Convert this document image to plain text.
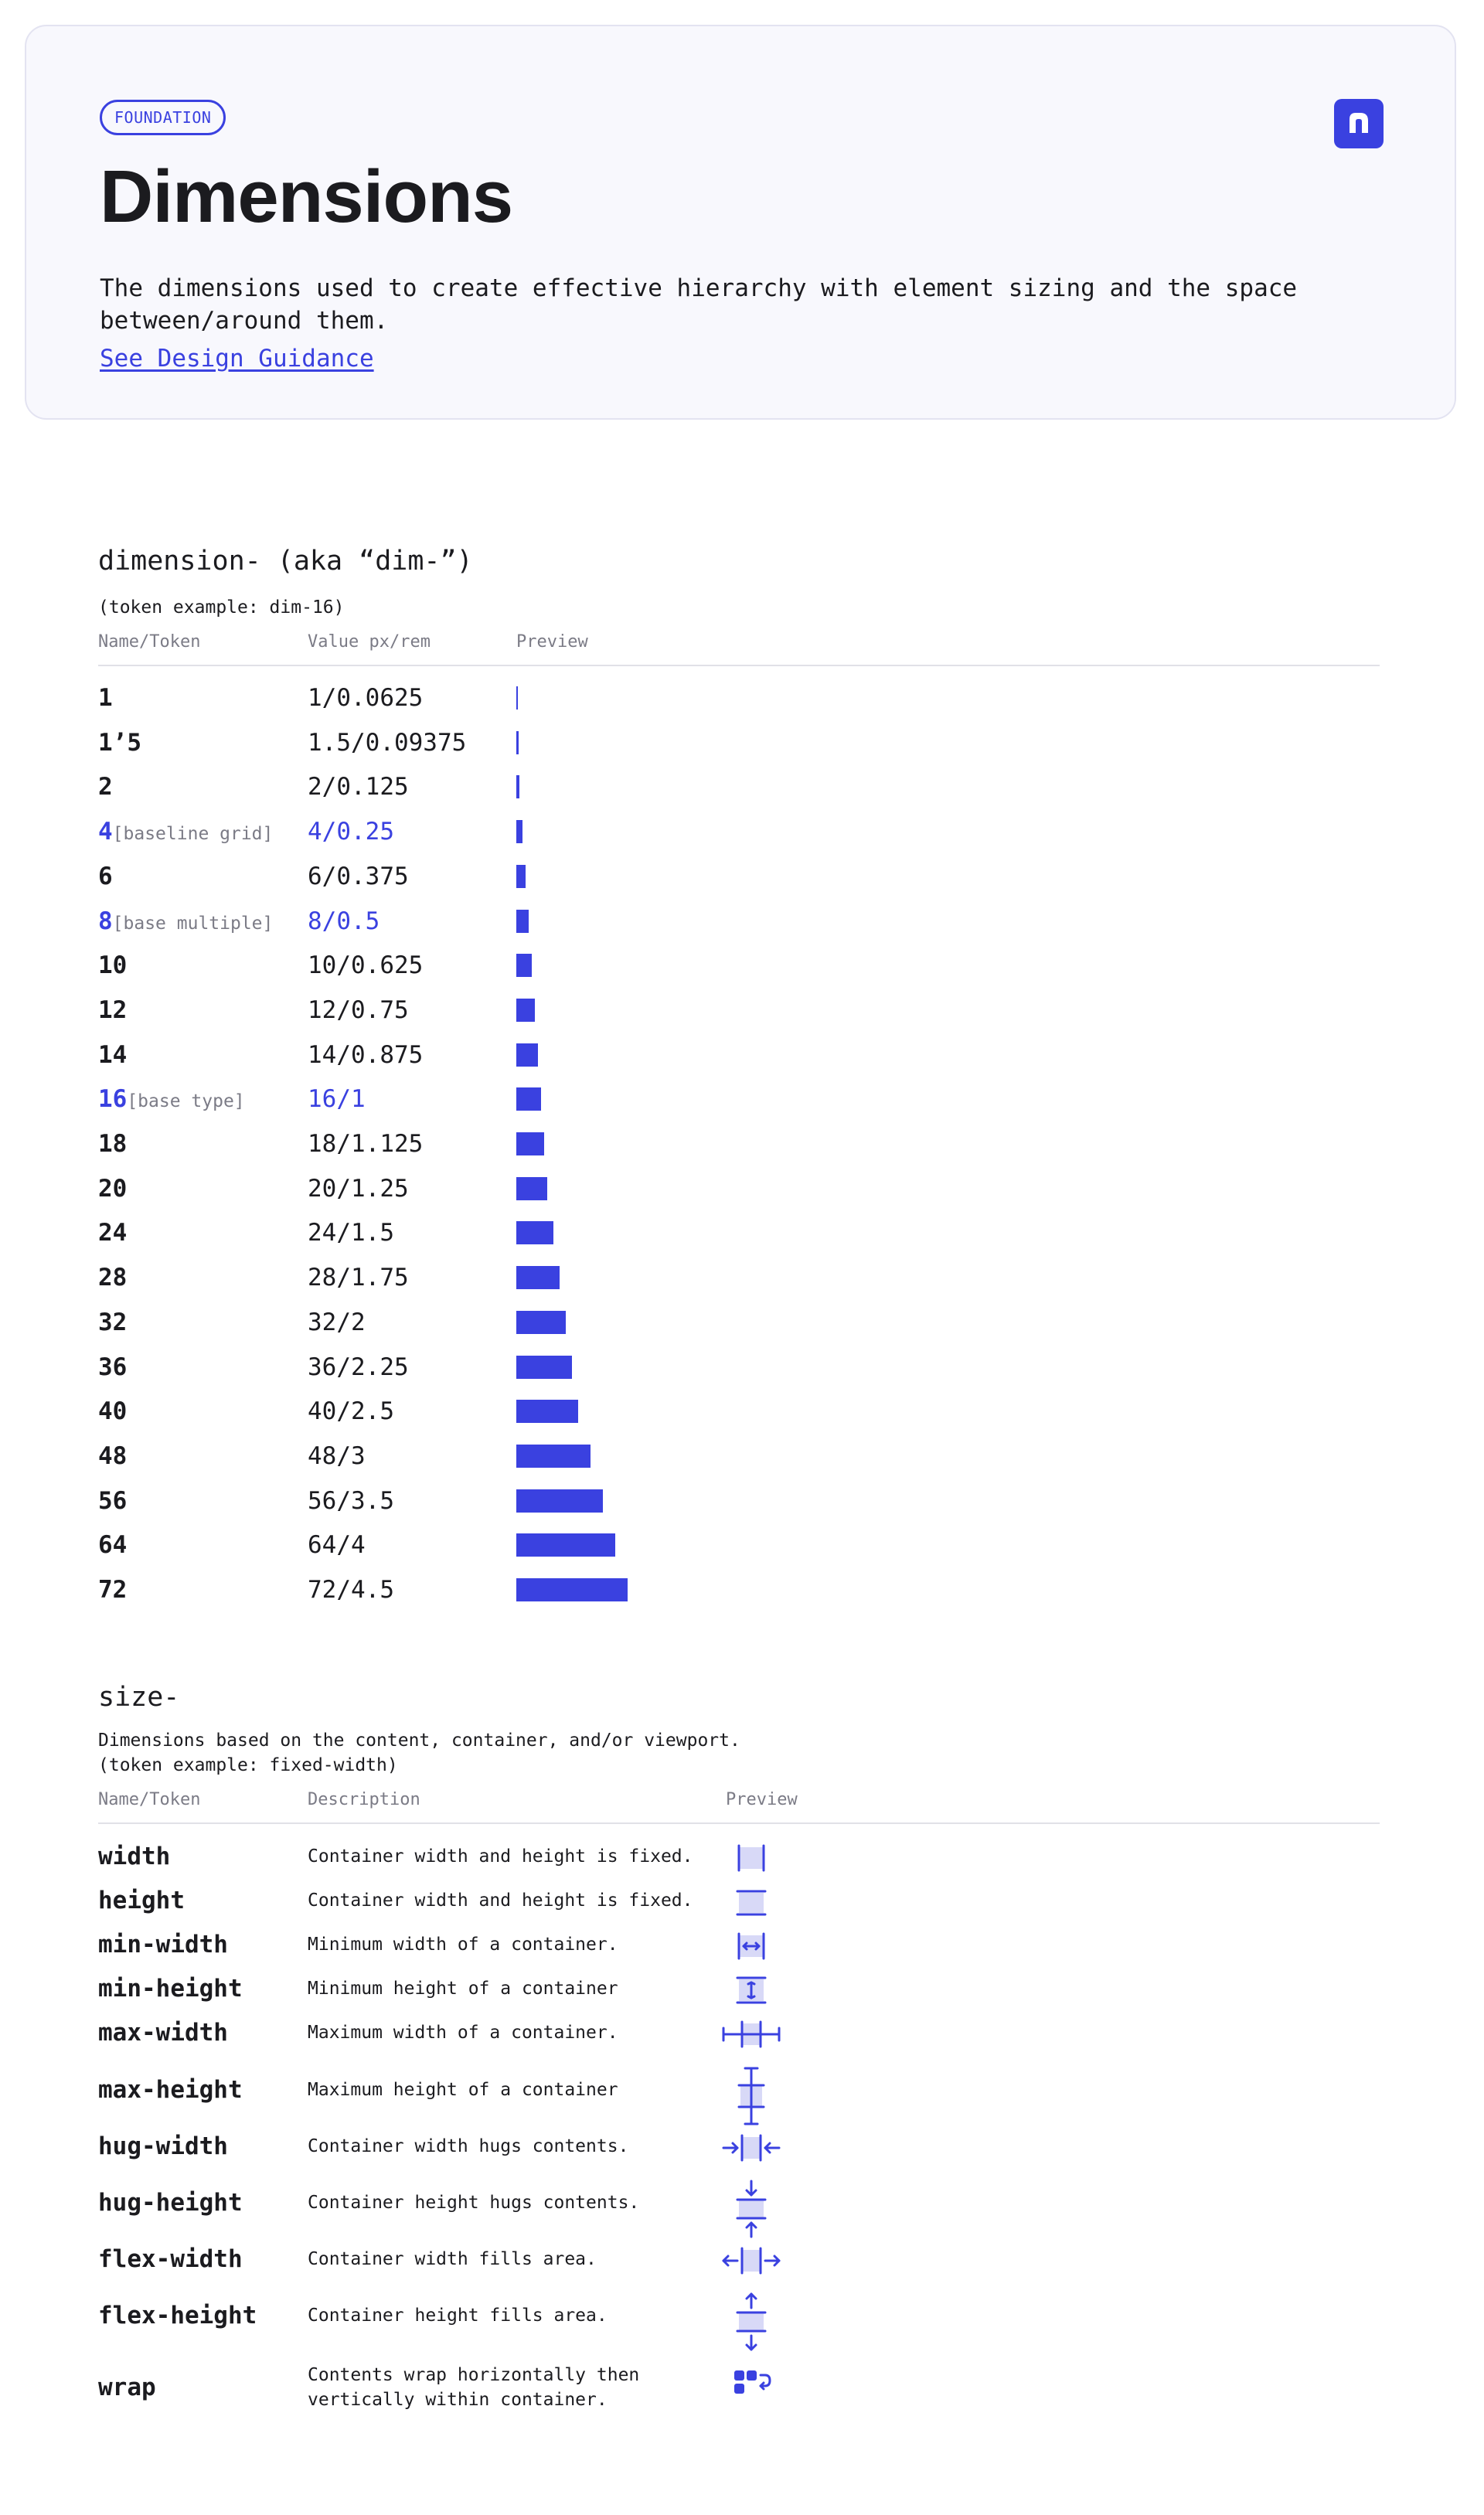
FOUNDATION
Dimensions

The dimensions used to create effective hierarchy with element sizing and the space between/around them.

See Design Guidance
dimension- (aka “dim-”)
(token example: dim-16)
Name/Token	Value px/rem	Preview
1	1/0.0625
1’5	1.5/0.09375
2	2/0.125
4[baseline grid] 4/0.25
6	6/0.375
8[base multiple] 8/0.5
10	10/0.625
12	12/0.75
14	14/0.875
16[base type]	16/1
18	18/1.125
20	20/1.25
24	24/1.5
28	28/1.75
32	32/2
36	36/2.25
40	40/2.5
48	48/3
56	56/3.5
64	64/4
72	72/4.5
size-
Dimensions based on the content, container, and/or viewport.
(token example: fixed-width)
Name/Token	Description	Preview
width	Container width and height is fixed.
height	Container width and height is fixed.
min-width	Minimum width of a container.
min-height	Minimum height of a container
max-width	Maximum width of a container.
max-height	Maximum height of a container
hug-width	Container width hugs contents.
hug-height	Container height hugs contents.
flex-width	Container width fills area.
flex-height	Container height fills area.
wrap	Contents wrap horizontally then vertically within container.
